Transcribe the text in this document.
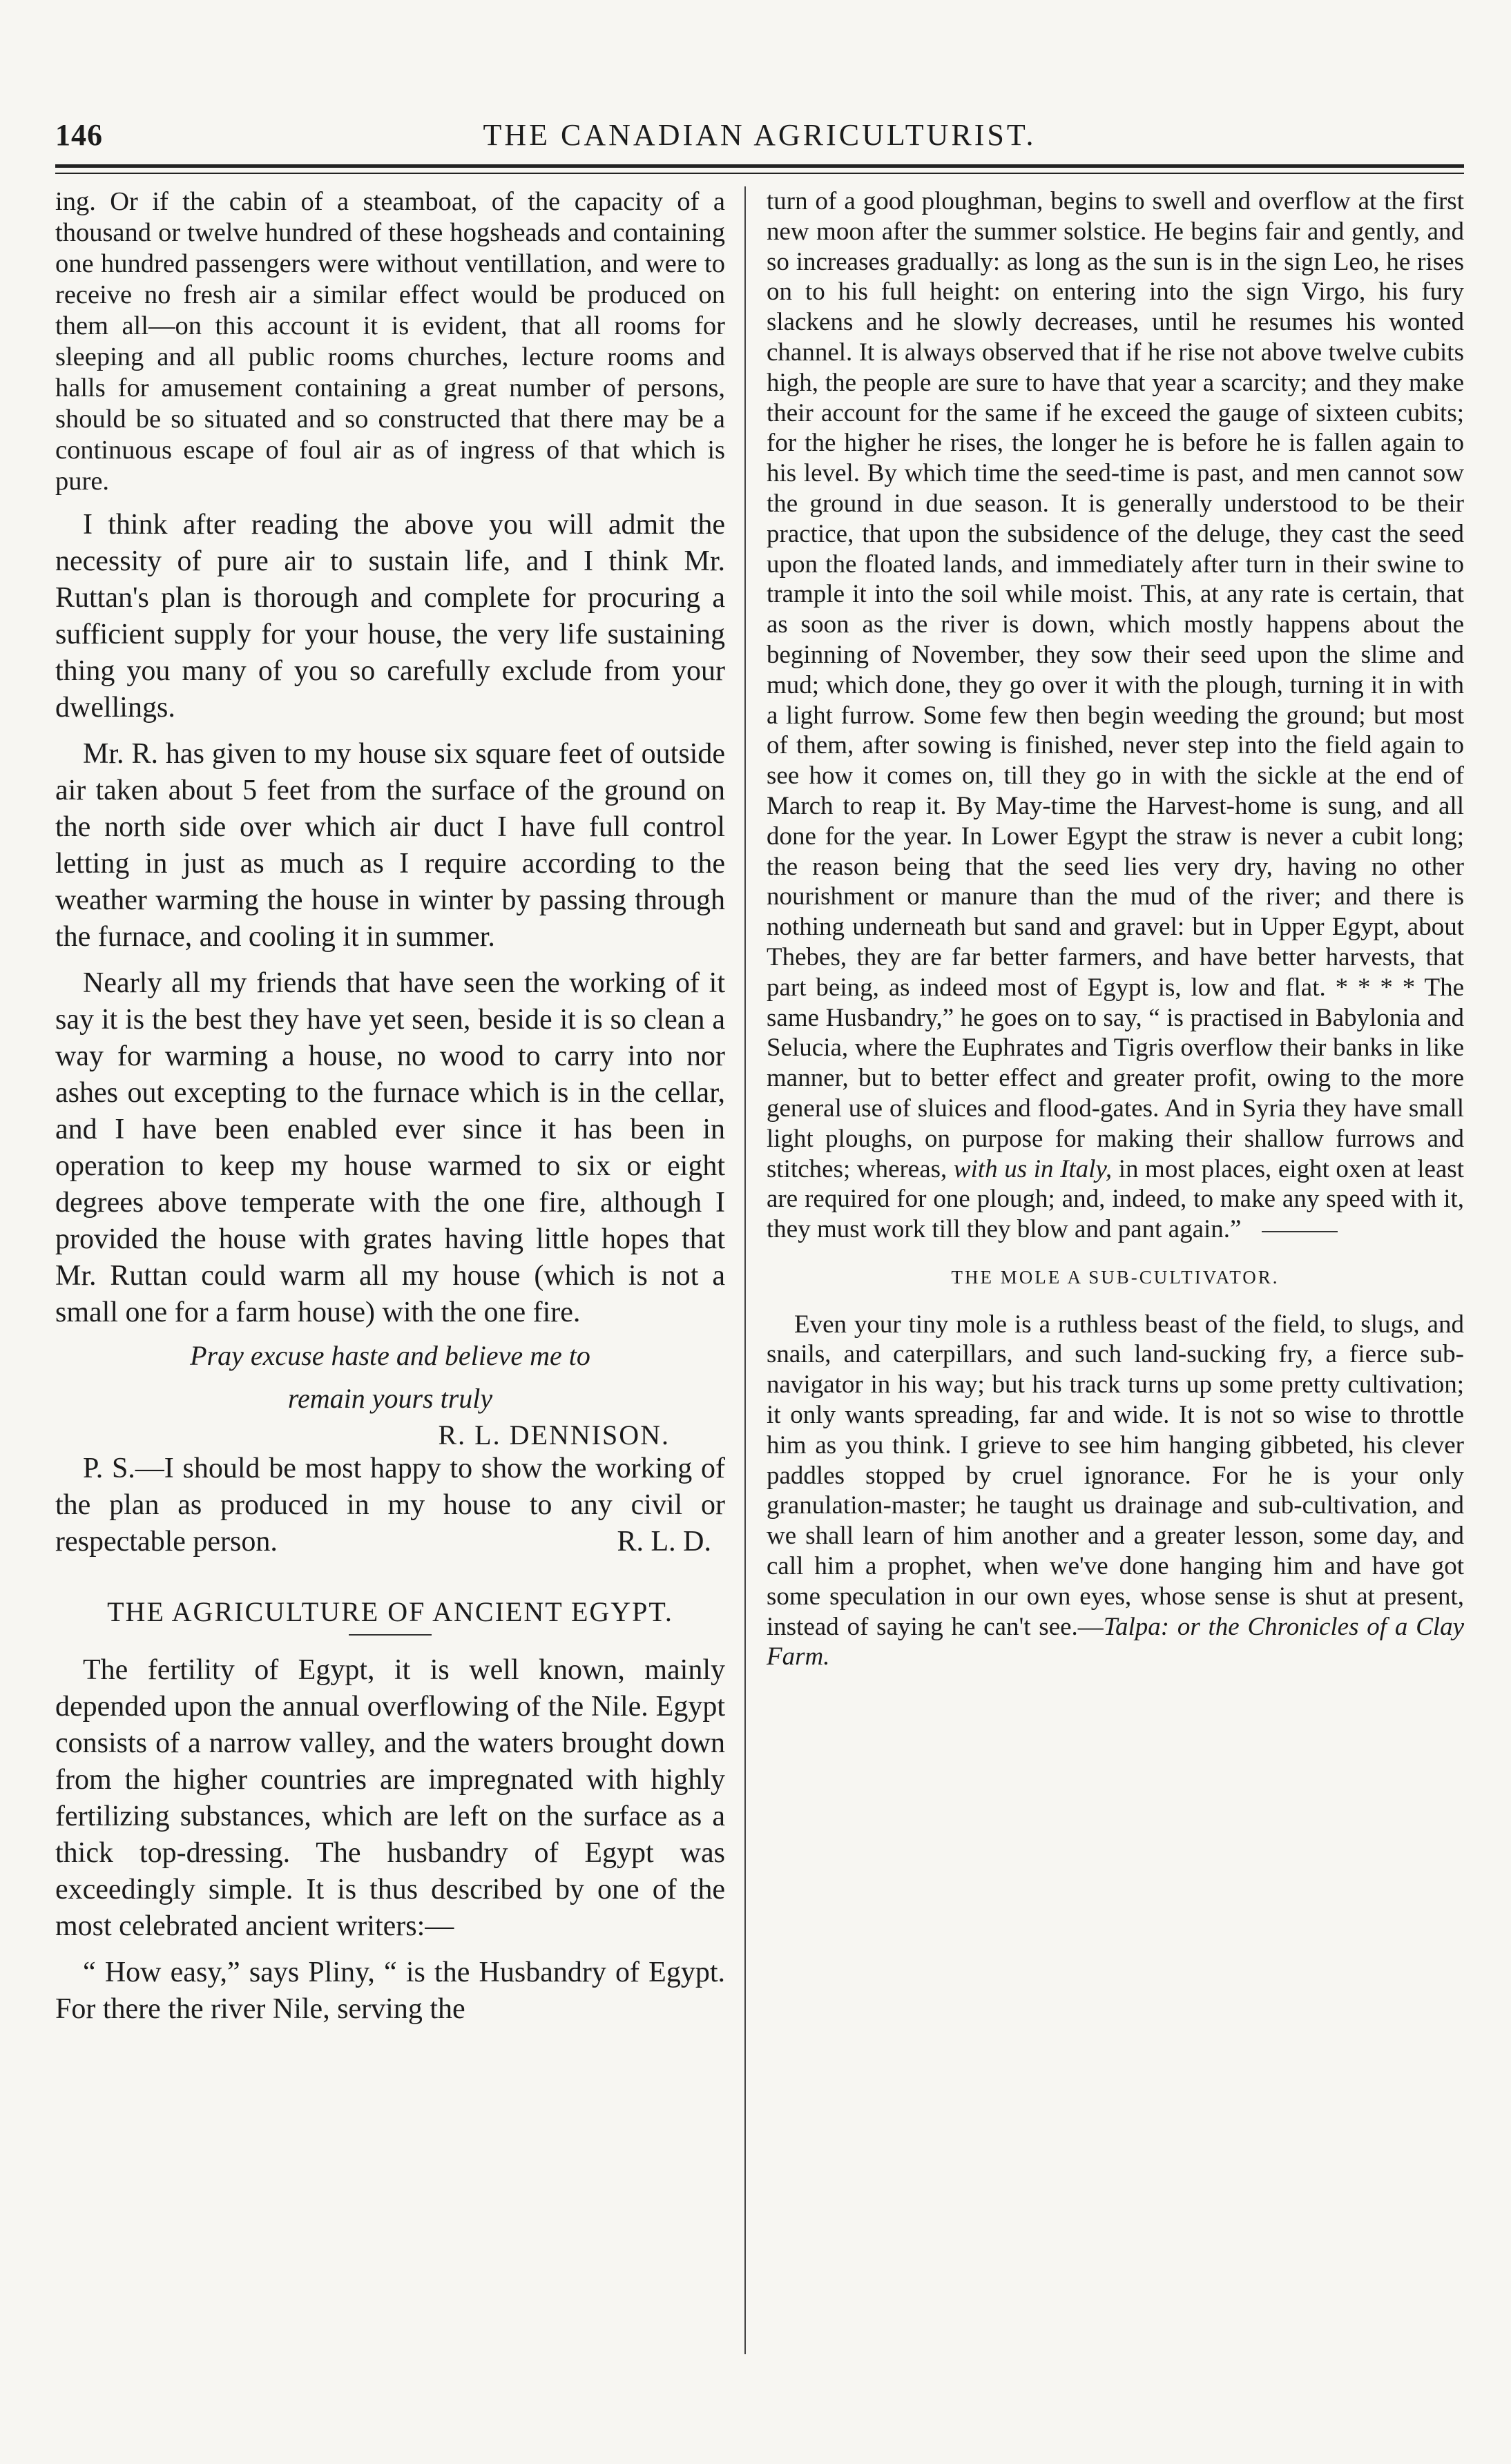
146	THE CANADIAN AGRICULTURIST.

ing. Or if the cabin of a steamboat, of the capacity of a thousand or twelve hundred of these hogsheads and containing one hundred passengers were without ventillation, and were to receive no fresh air a similar effect would be produced on them all—on this account it is evident, that all rooms for sleeping and all public rooms churches, lecture rooms and halls for amusement containing a great number of persons, should be so situated and so constructed that there may be a continuous escape of foul air as of ingress of that which is pure.

I think after reading the above you will admit the necessity of pure air to sustain life, and I think Mr. Ruttan's plan is thorough and complete for procuring a sufficient supply for your house, the very life sustaining thing you many of you so carefully exclude from your dwellings.

Mr. R. has given to my house six square feet of outside air taken about 5 feet from the surface of the ground on the north side over which air duct I have full control letting in just as much as I require according to the weather warming the house in winter by passing through the furnace, and cooling it in summer.

Nearly all my friends that have seen the working of it say it is the best they have yet seen, beside it is so clean a way for warming a house, no wood to carry into nor ashes out excepting to the furnace which is in the cellar, and I have been enabled ever since it has been in operation to keep my house warmed to six or eight degrees above temperate with the one fire, although I provided the house with grates having little hopes that Mr. Ruttan could warm all my house (which is not a small one for a farm house) with the one fire.

Pray excuse haste and believe me to
remain yours truly
R. L. DENNISON.

P. S.—I should be most happy to show the working of the plan as produced in my house to any civil or respectable person.	R. L. D.

THE AGRICULTURE OF ANCIENT EGYPT.

The fertility of Egypt, it is well known, mainly depended upon the annual overflowing of the Nile. Egypt consists of a narrow valley, and the waters brought down from the higher countries are impregnated with highly fertilizing substances, which are left on the surface as a thick top-dressing. The husbandry of Egypt was exceedingly simple. It is thus described by one of the most celebrated ancient writers:—

“ How easy,” says Pliny, “ is the Husbandry of Egypt. For there the river Nile, serving the

turn of a good ploughman, begins to swell and overflow at the first new moon after the summer solstice. He begins fair and gently, and so increases gradually: as long as the sun is in the sign Leo, he rises on to his full height: on entering into the sign Virgo, his fury slackens and he slowly decreases, until he resumes his wonted channel. It is always observed that if he rise not above twelve cubits high, the people are sure to have that year a scarcity; and they make their account for the same if he exceed the gauge of sixteen cubits; for the higher he rises, the longer he is before he is fallen again to his level. By which time the seed-time is past, and men cannot sow the ground in due season. It is generally understood to be their practice, that upon the subsidence of the deluge, they cast the seed upon the floated lands, and immediately after turn in their swine to trample it into the soil while moist. This, at any rate is certain, that as soon as the river is down, which mostly happens about the beginning of November, they sow their seed upon the slime and mud; which done, they go over it with the plough, turning it in with a light furrow. Some few then begin weeding the ground; but most of them, after sowing is finished, never step into the field again to see how it comes on, till they go in with the sickle at the end of March to reap it. By May-time the Harvest-home is sung, and all done for the year. In Lower Egypt the straw is never a cubit long; the reason being that the seed lies very dry, having no other nourishment or manure than the mud of the river; and there is nothing underneath but sand and gravel: but in Upper Egypt, about Thebes, they are far better farmers, and have better harvests, that part being, as indeed most of Egypt is, low and flat. * * * * The same Husbandry,” he goes on to say, “ is practised in Babylonia and Selucia, where the Euphrates and Tigris overflow their banks in like manner, but to better effect and greater profit, owing to the more general use of sluices and flood-gates. And in Syria they have small light ploughs, on purpose for making their shallow furrows and stitches; whereas, with us in Italy, in most places, eight oxen at least are required for one plough; and, indeed, to make any speed with it, they must work till they blow and pant again.”

THE MOLE A SUB-CULTIVATOR.

Even your tiny mole is a ruthless beast of the field, to slugs, and snails, and caterpillars, and such land-sucking fry, a fierce sub-navigator in his way; but his track turns up some pretty cultivation; it only wants spreading, far and wide. It is not so wise to throttle him as you think. I grieve to see him hanging gibbeted, his clever paddles stopped by cruel ignorance. For he is your only granulation-master; he taught us drainage and sub-cultivation, and we shall learn of him another and a greater lesson, some day, and call him a prophet, when we've done hanging him and have got some speculation in our own eyes, whose sense is shut at present, instead of saying he can't see.—Talpa: or the Chronicles of a Clay Farm.
